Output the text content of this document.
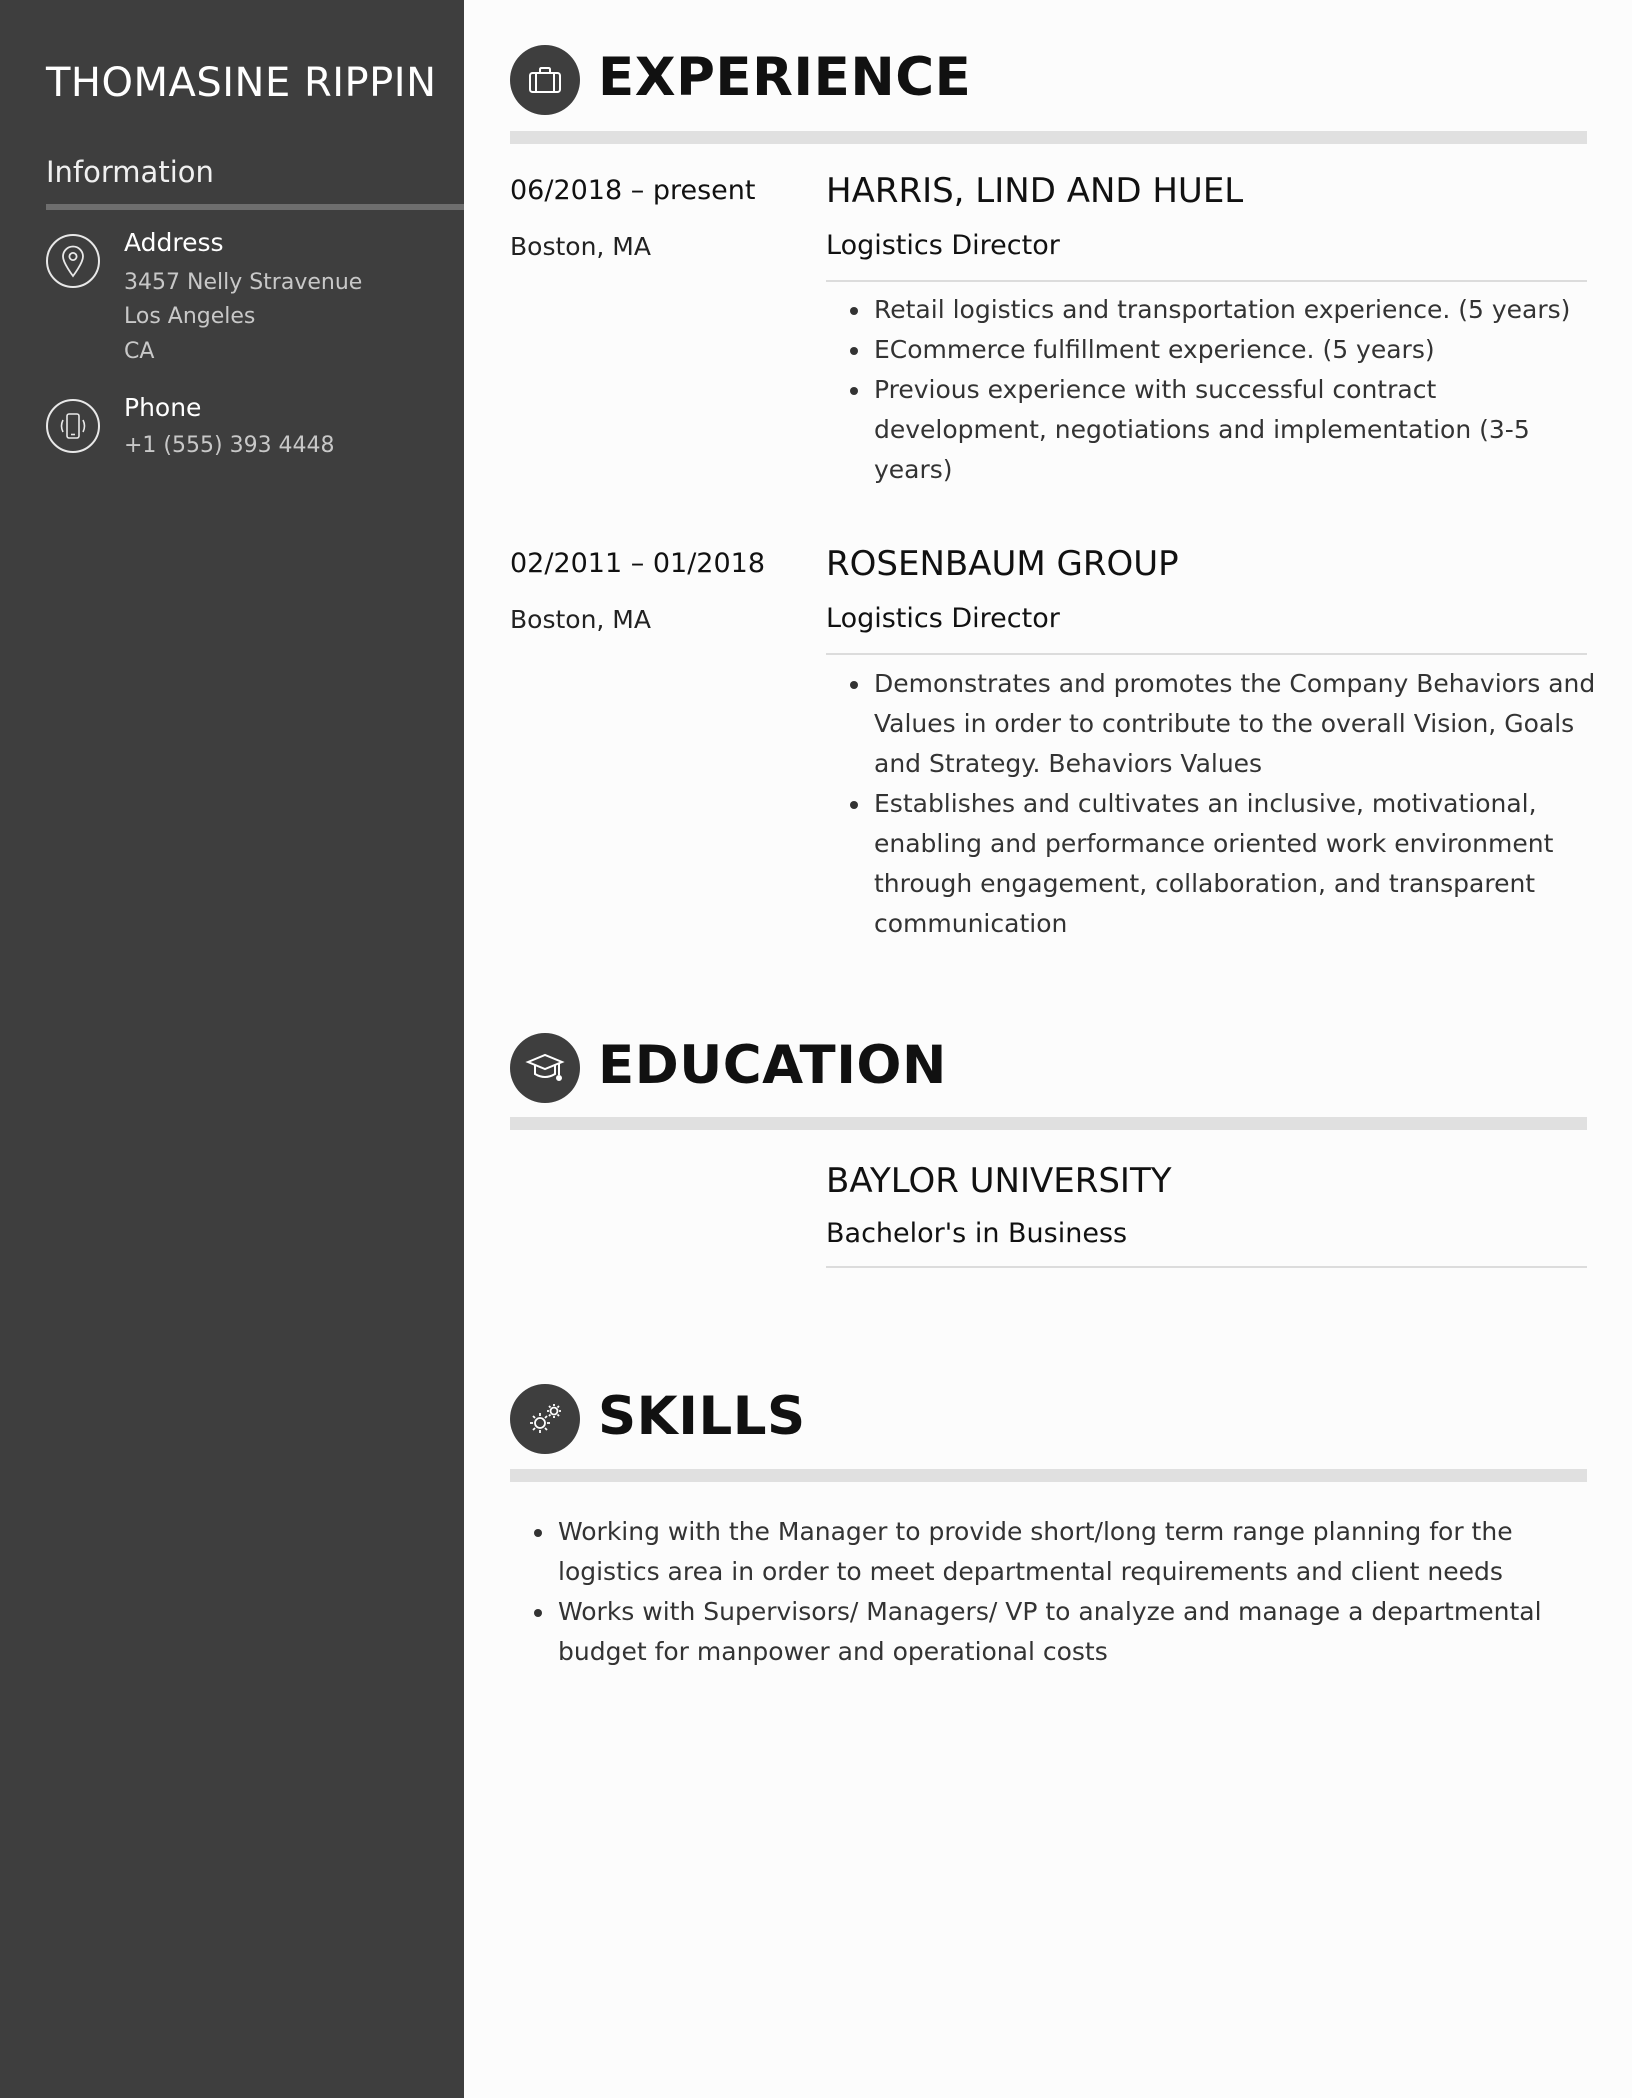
THOMASINE RIPPIN
Information
Address
3457 Nelly Stravenue
Los Angeles
CA
Phone
+1 (555) 393 4448
EXPERIENCE
06/2018 – present
Boston, MA
HARRIS, LIND AND HUEL
Logistics Director
Retail logistics and transportation experience. (5 years)
ECommerce fulfillment experience. (5 years)
Previous experience with successful contract development, negotiations and implementation (3-5 years)
02/2011 – 01/2018
Boston, MA
ROSENBAUM GROUP
Logistics Director
Demonstrates and promotes the Company Behaviors and Values in order to contribute to the overall Vision, Goals and Strategy. Behaviors Values
Establishes and cultivates an inclusive, motivational, enabling and performance oriented work environment through engagement, collaboration, and transparent communication
EDUCATION
BAYLOR UNIVERSITY
Bachelor's in Business
SKILLS
Working with the Manager to provide short/long term range planning for the logistics area in order to meet departmental requirements and client needs
Works with Supervisors/ Managers/ VP to analyze and manage a departmental budget for manpower and operational costs
